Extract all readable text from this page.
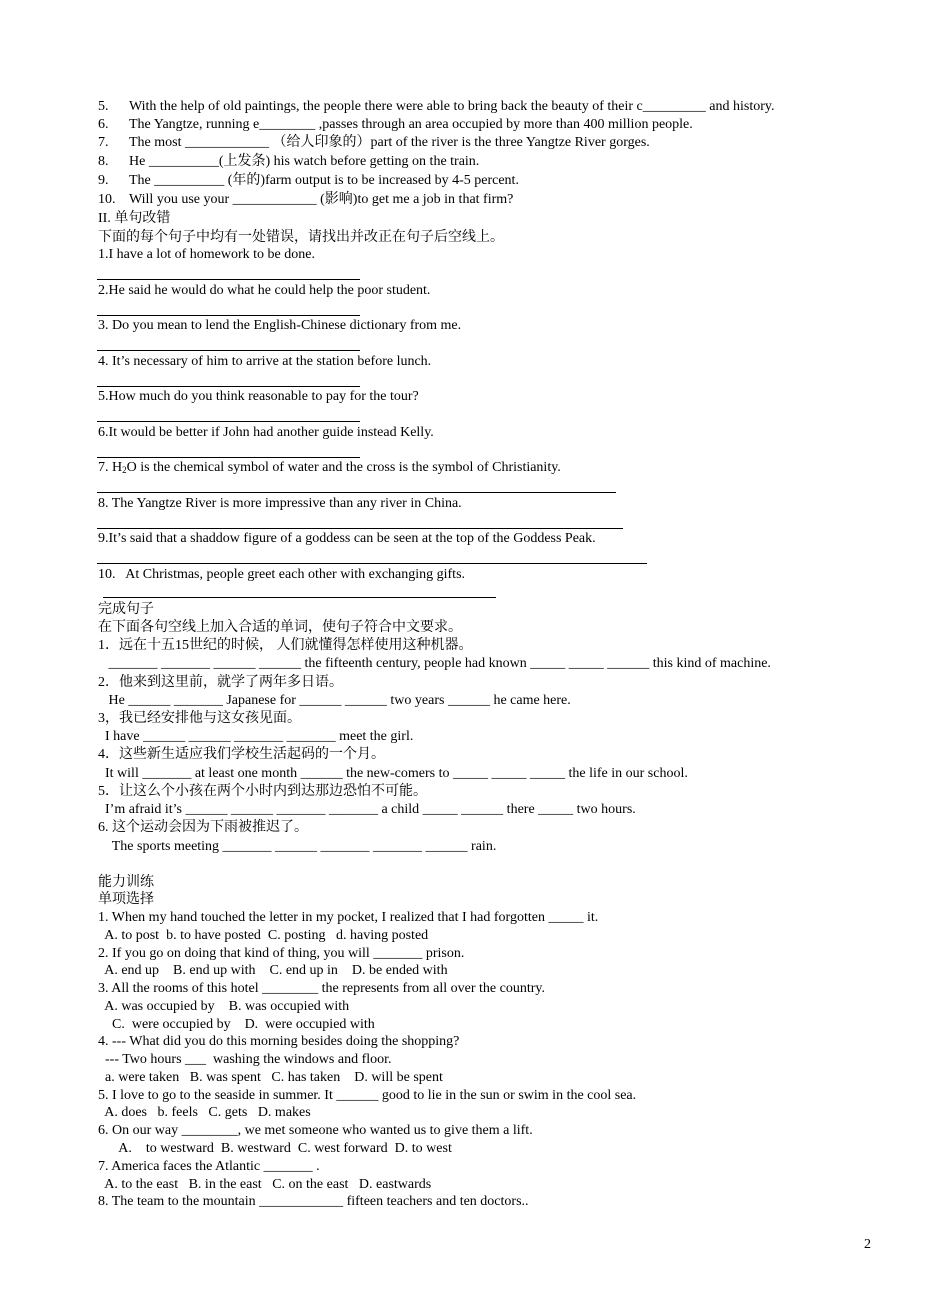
5. With the help of old paintings, the people there were able to bring back the beauty of their c_________ and history.
6. The Yangtze, running e________ ,passes through an area occupied by more than 400 million people.
7. The most ____________ （给人印象的）part of the river is the three Yangtze River gorges.
8. He __________(上发条) his watch before getting on the train.
9. The __________ (年的)farm output is to be increased by 4-5 percent.
10. Will you use your ____________ (影响)to get me a job in that firm?
II. 单句改错
下面的每个句子中均有一处错误，请找出并改正在句子后空线上。
1.I have a lot of homework to be done.
2.He said he would do what he could help the poor student.
3. Do you mean to lend the English-Chinese dictionary from me.
4. It’s necessary of him to arrive at the station before lunch.
5.How much do you think reasonable to pay for the tour?
6.It would be better if John had another guide instead Kelly.
7. $H_2O$ is the chemical symbol of water and the cross is the symbol of Christianity.
8. The Yangtze River is more impressive than any river in China.
9.It’s said that a shaddow figure of a goddess can be seen at the top of the Goddess Peak.
10.   At Christmas, people greet each other with exchanging gifts.
完成句子
在下面各句空线上加入合适的单词，使句子符合中文要求。
1．远在十五15世纪的时候， 人们就懂得怎样使用这种机器。
_______ _______ ______ ______ the fifteenth century, people had known _____ _____ ______ this kind of machine.
2．他来到这里前，就学了两年多日语。
He ______ _______ Japanese for ______ ______ two years ______ he came here.
3，我已经安排他与这女孩见面。
I have ______ ______ _______ _______ meet the girl.
4．这些新生适应我们学校生活起码的一个月。
It will _______ at least one month ______ the new-comers to _____ _____ _____ the life in our school.
5．让这么个小孩在两个小时内到达那边恐怕不可能。
I’m afraid it’s ______ ______ _______ _______ a child _____ ______ there _____ two hours.
6. 这个运动会因为下雨被推迟了。
The sports meeting _______ ______ _______ _______ ______ rain.
能力训练
单项选择
1. When my hand touched the letter in my pocket, I realized that I had forgotten _____ it.
A. to post  b. to have posted  C. posting   d. having posted
2. If you go on doing that kind of thing, you will _______ prison.
A. end up    B. end up with    C. end up in    D. be ended with
3. All the rooms of this hotel ________ the represents from all over the country.
A. was occupied by    B. was occupied with
C.  were occupied by    D.  were occupied with
4. --- What did you do this morning besides doing the shopping?
--- Two hours ___  washing the windows and floor.
a. were taken   B. was spent   C. has taken    D. will be spent
5. I love to go to the seaside in summer. It ______ good to lie in the sun or swim in the cool sea.
A. does   b. feels   C. gets   D. makes
6. On our way ________, we met someone who wanted us to give them a lift.
A.    to westward  B. westward  C. west forward  D. to west
7. America faces the Atlantic _______ .
A. to the east   B. in the east   C. on the east   D. eastwards
8. The team to the mountain ____________ fifteen teachers and ten doctors..
2
